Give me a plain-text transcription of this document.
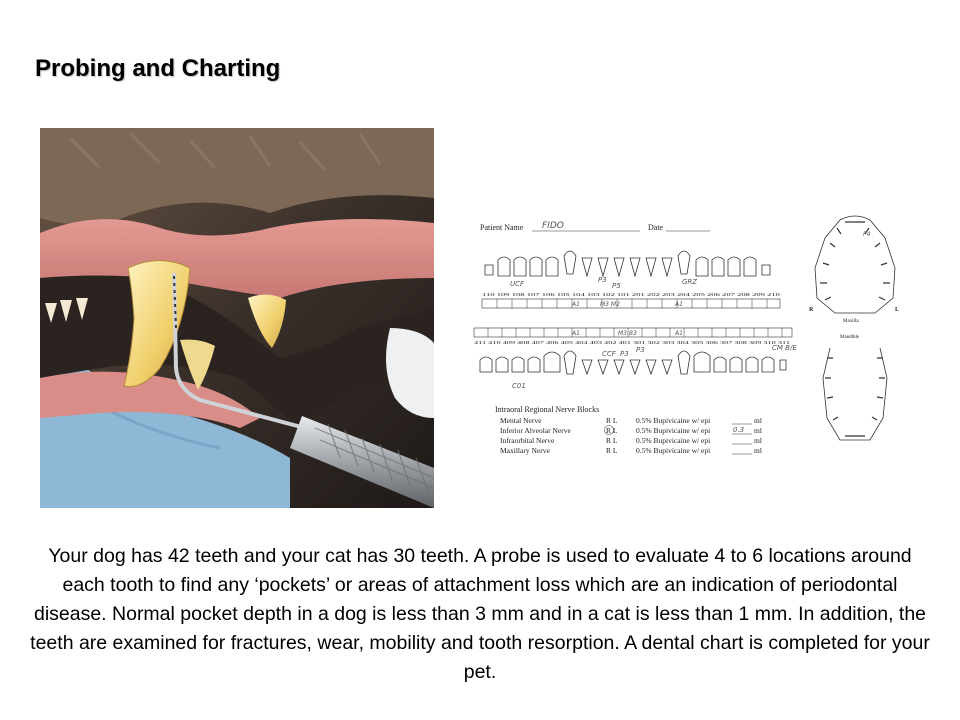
Probing and Charting
Patient Name FIDO	Date
UCF	P3
P5	GRZ
110 109 108 107 106 105 104 103 102 101 201 202 203 204 205 206 207 208 209 210
A1	M3 M2	A1
A1	M3 B3	A1
411 410 409 408 407 406 405 404 403 402 401 301 302 303 304 305 306 307 308 309 310 311
CCF P3 P3	CM B/E
C01
Intraoral Regional Nerve Blocks
Mental Nerve	R L 0.5% Bupivicaine w/ epi	ml
Inferior Alveolar Nerve	R L 0.5% Bupivicaine w/ epi	0.3 ml
Infraorbital Nerve	R L 0.5% Bupivicaine w/ epi	ml
Maxillary Nerve	R L 0.5% Bupivicaine w/ epi	ml
P4
R	L
Maxilla
Mandible

Your dog has 42 teeth and your cat has 30 teeth. A probe is used to evaluate 4 to 6 locations around each tooth to find any ‘pockets’ or areas of attachment loss which are an indication of periodontal disease. Normal pocket depth in a dog is less than 3 mm and in a cat is less than 1 mm. In addition, the teeth are examined for fractures, wear, mobility and tooth resorption. A dental chart is completed for your pet.
